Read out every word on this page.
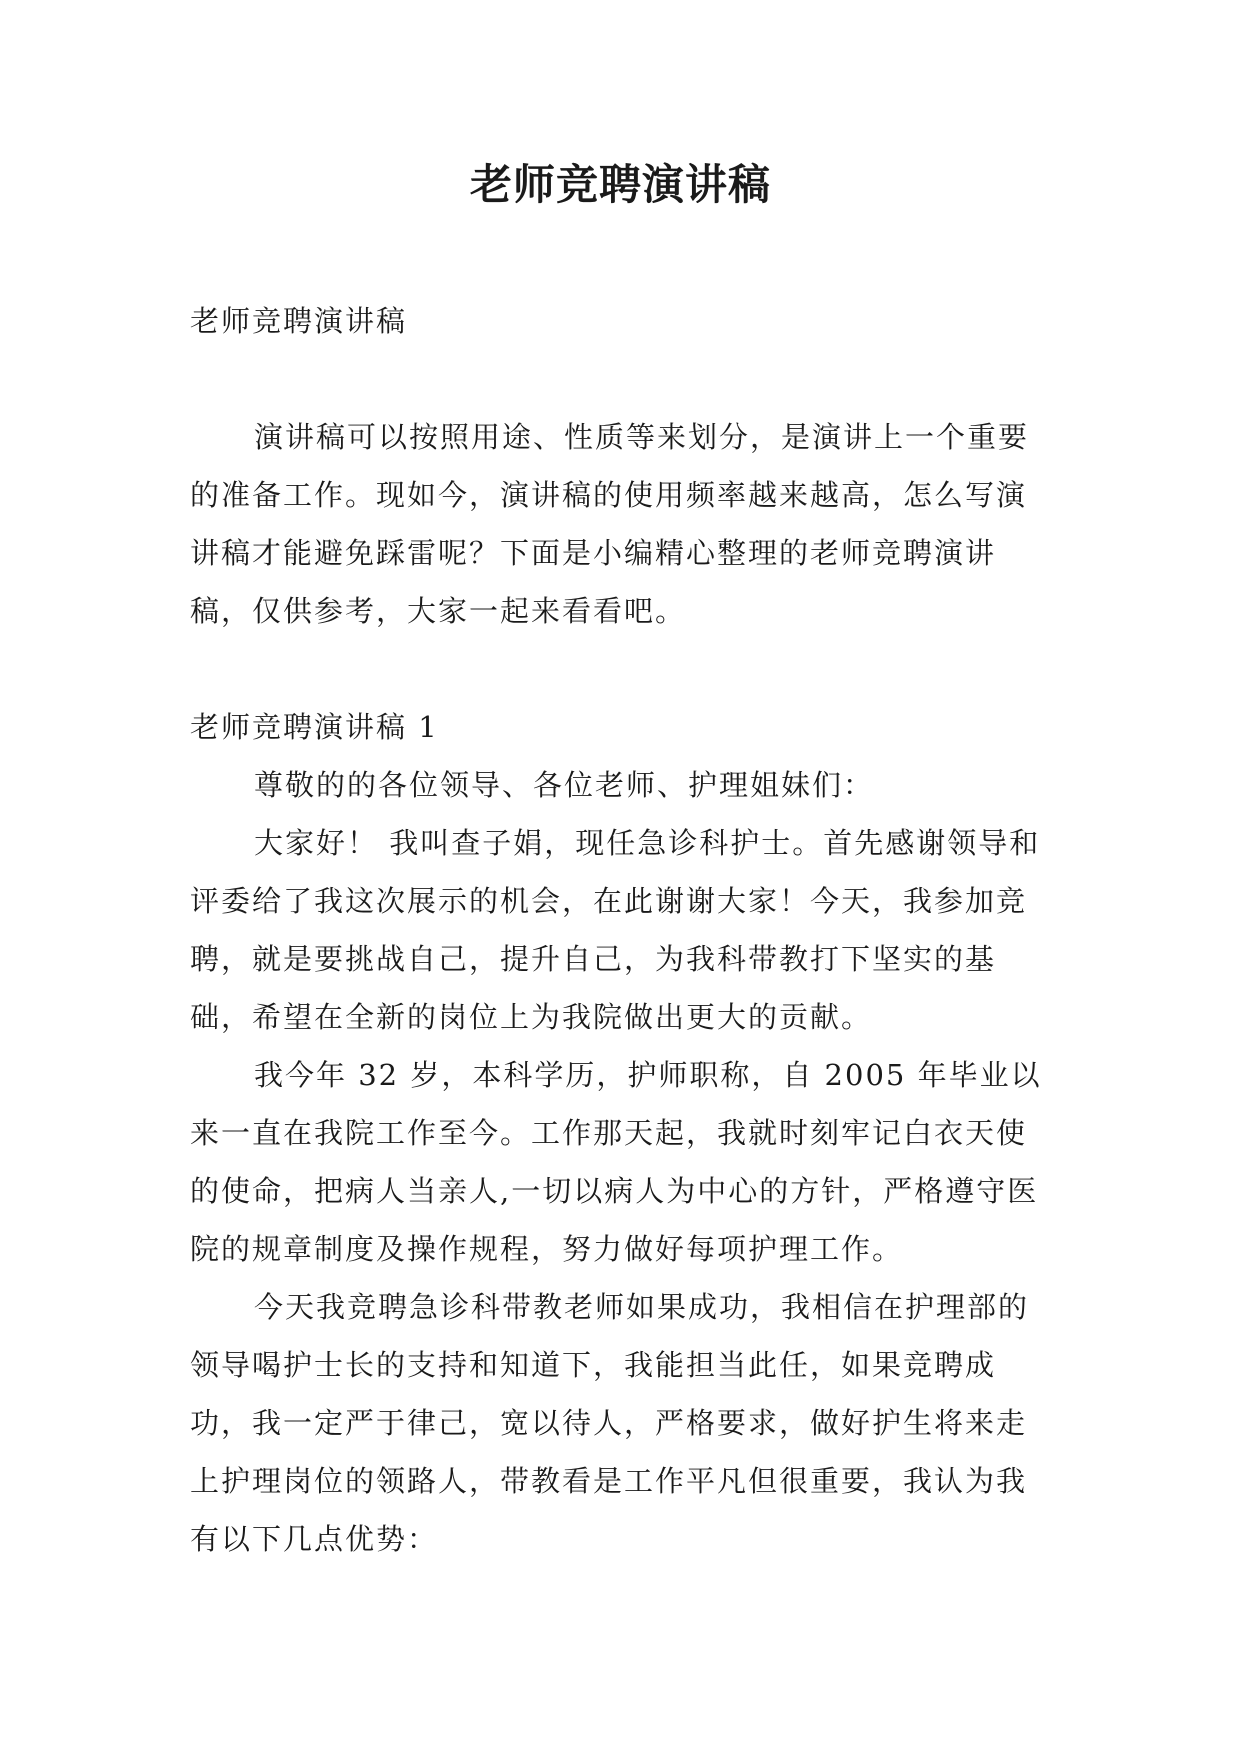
老师竞聘演讲稿

老师竞聘演讲稿

演讲稿可以按照用途、性质等来划分，是演讲上一个重要的准备工作。现如今，演讲稿的使用频率越来越高，怎么写演讲稿才能避免踩雷呢？下面是小编精心整理的老师竞聘演讲稿，仅供参考，大家一起来看看吧。

老师竞聘演讲稿 1

尊敬的的各位领导、各位老师、护理姐妹们：

大家好！ 我叫查子娟，现任急诊科护士。首先感谢领导和评委给了我这次展示的机会，在此谢谢大家！今天，我参加竞聘，就是要挑战自己，提升自己，为我科带教打下坚实的基础，希望在全新的岗位上为我院做出更大的贡献。

我今年 32 岁，本科学历，护师职称，自 2005 年毕业以来一直在我院工作至今。工作那天起，我就时刻牢记白衣天使的使命，把病人当亲人,一切以病人为中心的方针，严格遵守医院的规章制度及操作规程，努力做好每项护理工作。

今天我竞聘急诊科带教老师如果成功，我相信在护理部的领导喝护士长的支持和知道下，我能担当此任，如果竞聘成功，我一定严于律己，宽以待人，严格要求，做好护生将来走上护理岗位的领路人，带教看是工作平凡但很重要，我认为我有以下几点优势：
